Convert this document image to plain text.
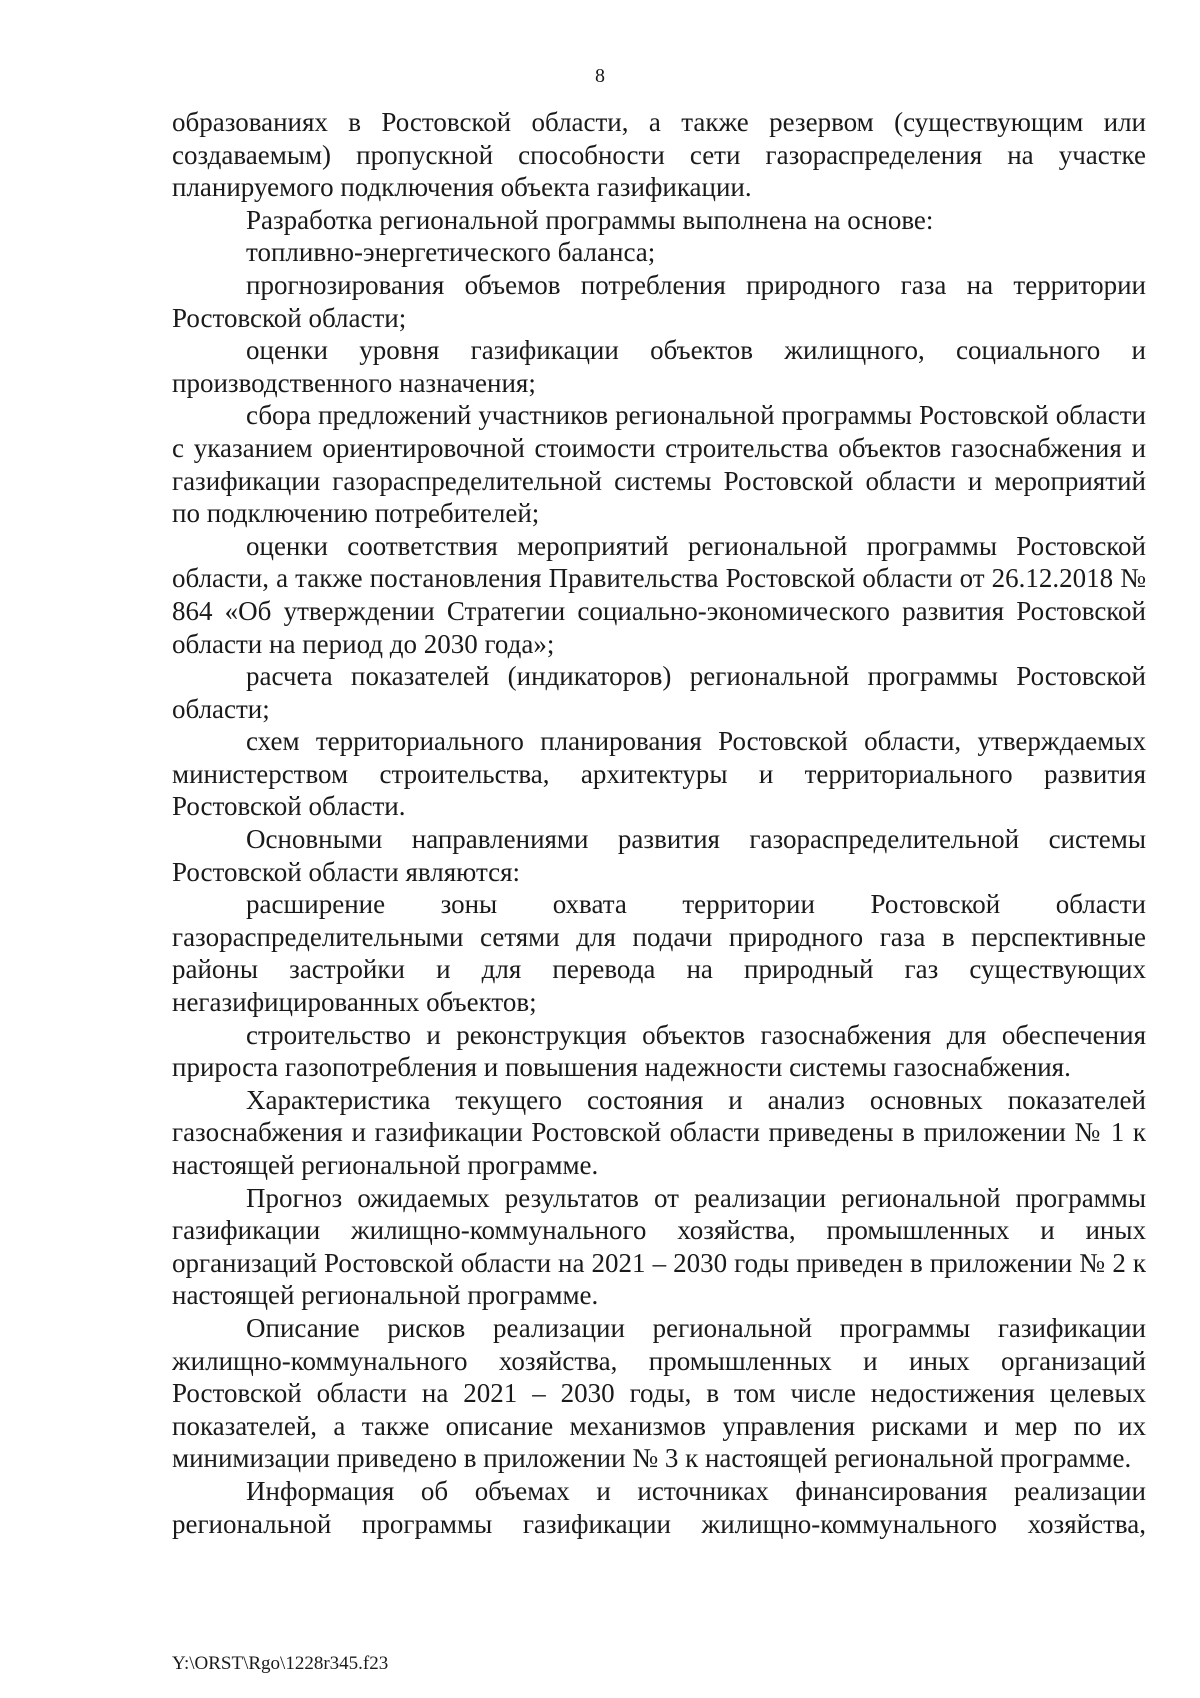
8

образованиях в Ростовской области, а также резервом (существующим или создаваемым) пропускной способности сети газораспределения на участке планируемого подключения объекта газификации.

Разработка региональной программы выполнена на основе:

топливно-энергетического баланса;

прогнозирования объемов потребления природного газа на территории Ростовской области;

оценки уровня газификации объектов жилищного, социального и производственного назначения;

сбора предложений участников региональной программы Ростовской области с указанием ориентировочной стоимости строительства объектов газоснабжения и газификации газораспределительной системы Ростовской области и мероприятий по подключению потребителей;

оценки соответствия мероприятий региональной программы Ростовской области, а также постановления Правительства Ростовской области от 26.12.2018 № 864 «Об утверждении Стратегии социально-экономического развития Ростовской области на период до 2030 года»;

расчета показателей (индикаторов) региональной программы Ростовской области;

схем территориального планирования Ростовской области, утверждаемых министерством строительства, архитектуры и территориального развития Ростовской области.

Основными направлениями развития газораспределительной системы Ростовской области являются:

расширение зоны охвата территории Ростовской области газораспределительными сетями для подачи природного газа в перспективные районы застройки и для перевода на природный газ существующих негазифицированных объектов;

строительство и реконструкция объектов газоснабжения для обеспечения прироста газопотребления и повышения надежности системы газоснабжения.

Характеристика текущего состояния и анализ основных показателей газоснабжения и газификации Ростовской области приведены в приложении № 1 к настоящей региональной программе.

Прогноз ожидаемых результатов от реализации региональной программы газификации жилищно-коммунального хозяйства, промышленных и иных организаций Ростовской области на 2021 – 2030 годы приведен в приложении № 2 к настоящей региональной программе.

Описание рисков реализации региональной программы газификации жилищно-коммунального хозяйства, промышленных и иных организаций Ростовской области на 2021 – 2030 годы, в том числе недостижения целевых показателей, а также описание механизмов управления рисками и мер по их минимизации приведено в приложении № 3 к настоящей региональной программе.

Информация об объемах и источниках финансирования реализации региональной программы газификации жилищно-коммунального хозяйства,

Y:\ORST\Rgo\1228r345.f23
